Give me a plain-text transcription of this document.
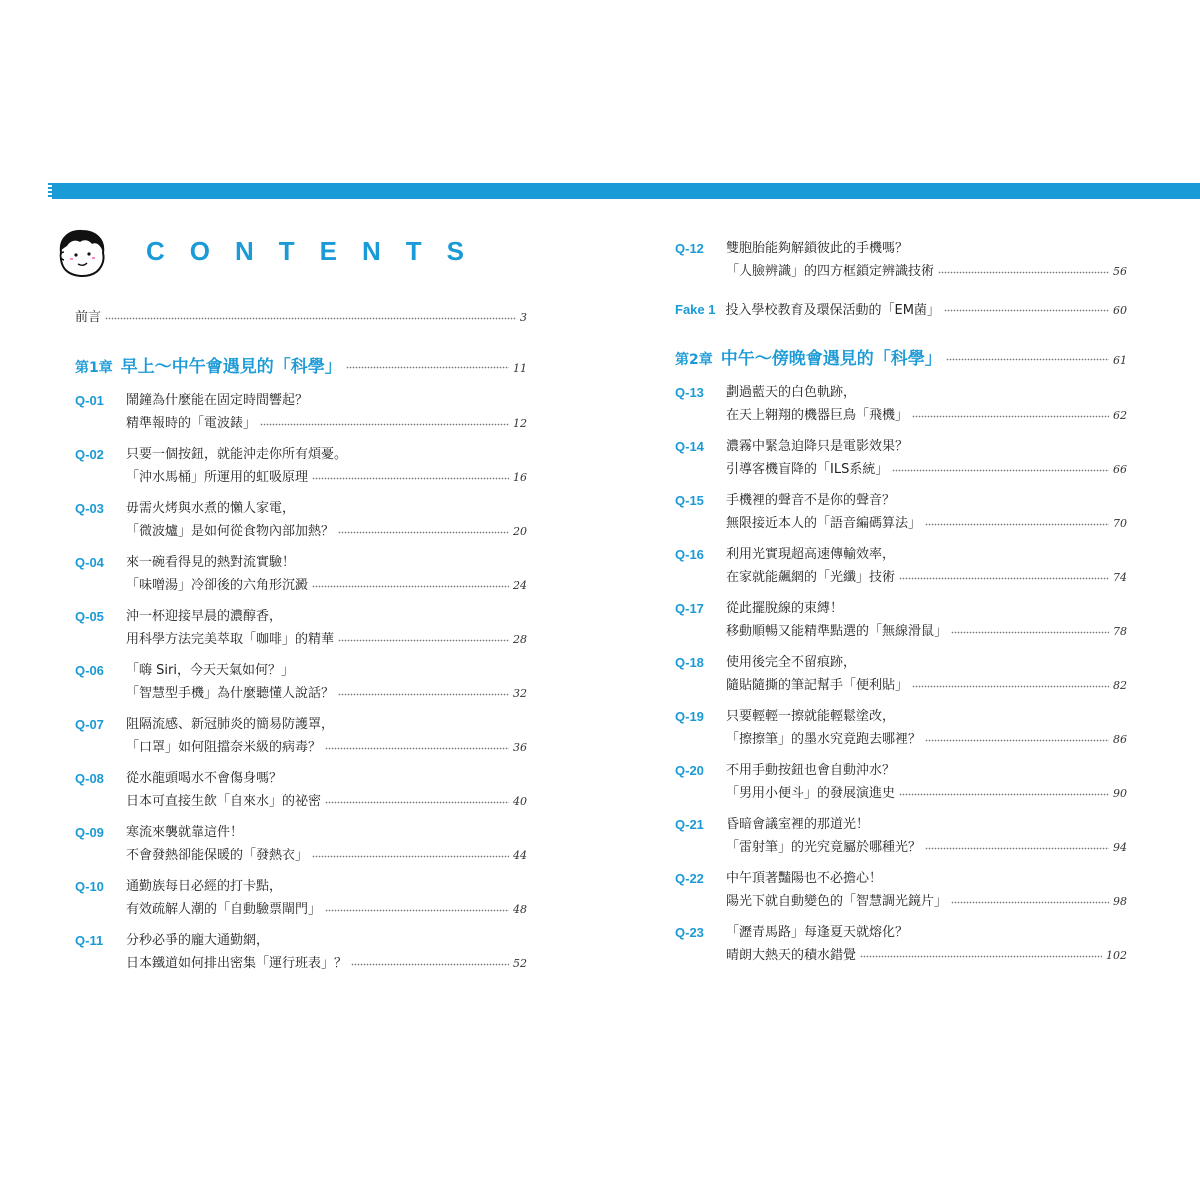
CONTENTS
前言	3
第1章 早上～中午會遇見的「科學」	11
Q-01 鬧鐘為什麼能在固定時間響起？
精準報時的「電波錶」	12
Q-02 只要一個按鈕，就能沖走你所有煩憂。
「沖水馬桶」所運用的虹吸原理	16
Q-03 毋需火烤與水煮的懶人家電，
「微波爐」是如何從食物內部加熱？	20
Q-04 來一碗看得見的熱對流實驗！
「味噌湯」冷卻後的六角形沉澱	24
Q-05 沖一杯迎接早晨的濃醇香，
用科學方法完美萃取「咖啡」的精華	28
Q-06 「嗨 Siri，今天天氣如何？」
「智慧型手機」為什麼聽懂人說話？	32
Q-07 阻隔流感、新冠肺炎的簡易防護罩，
「口罩」如何阻擋奈米級的病毒？	36
Q-08 從水龍頭喝水不會傷身嗎？
日本可直接生飲「自來水」的祕密	40
Q-09 寒流來襲就靠這件！
不會發熱卻能保暖的「發熱衣」	44
Q-10 通勤族每日必經的打卡點，
有效疏解人潮的「自動驗票閘門」	48
Q-11 分秒必爭的龐大通勤網，
日本鐵道如何排出密集「運行班表」？	52
Q-12 雙胞胎能夠解鎖彼此的手機嗎？
「人臉辨識」的四方框鎖定辨識技術	56
Fake 1 投入學校教育及環保活動的「EM菌」	60
第2章 中午～傍晚會遇見的「科學」	61
Q-13 劃過藍天的白色軌跡，
在天上翱翔的機器巨鳥「飛機」	62
Q-14 濃霧中緊急迫降只是電影效果？
引導客機盲降的「ILS系統」	66
Q-15 手機裡的聲音不是你的聲音？
無限接近本人的「語音編碼算法」	70
Q-16 利用光實現超高速傳輸效率，
在家就能飆網的「光纖」技術	74
Q-17 從此擺脫線的束縛！
移動順暢又能精準點選的「無線滑鼠」	78
Q-18 使用後完全不留痕跡，
隨貼隨撕的筆記幫手「便利貼」	82
Q-19 只要輕輕一擦就能輕鬆塗改，
「擦擦筆」的墨水究竟跑去哪裡？	86
Q-20 不用手動按鈕也會自動沖水？
「男用小便斗」的發展演進史	90
Q-21 昏暗會議室裡的那道光！
「雷射筆」的光究竟屬於哪種光？	94
Q-22 中午頂著豔陽也不必擔心！
陽光下就自動變色的「智慧調光鏡片」	98
Q-23 「瀝青馬路」每逢夏天就熔化？
晴朗大熱天的積水錯覺	102
